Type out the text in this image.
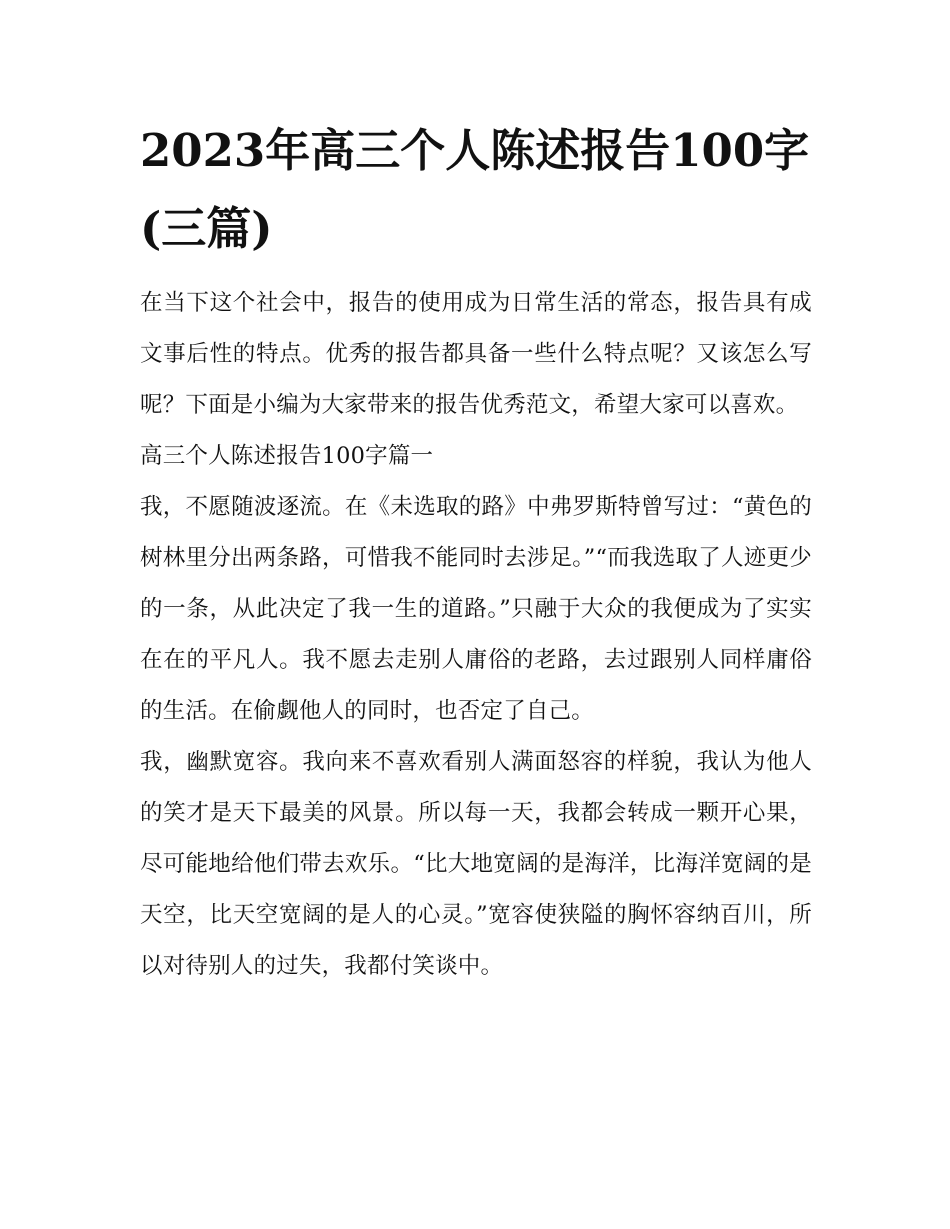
2023年高三个人陈述报告100字(三篇)

在当下这个社会中，报告的使用成为日常生活的常态，报告具有成文事后性的特点。优秀的报告都具备一些什么特点呢？又该怎么写呢？下面是小编为大家带来的报告优秀范文，希望大家可以喜欢。

高三个人陈述报告100字篇一

我，不愿随波逐流。在《未选取的路》中弗罗斯特曾写过：“黄色的树林里分出两条路，可惜我不能同时去涉足。”“而我选取了人迹更少的一条，从此决定了我一生的道路。”只融于大众的我便成为了实实在在的平凡人。我不愿去走别人庸俗的老路，去过跟别人同样庸俗的生活。在偷觑他人的同时，也否定了自己。

我，幽默宽容。我向来不喜欢看别人满面怒容的样貌，我认为他人的笑才是天下最美的风景。所以每一天，我都会转成一颗开心果，尽可能地给他们带去欢乐。“比大地宽阔的是海洋，比海洋宽阔的是天空，比天空宽阔的是人的心灵。”宽容使狭隘的胸怀容纳百川，所以对待别人的过失，我都付笑谈中。
